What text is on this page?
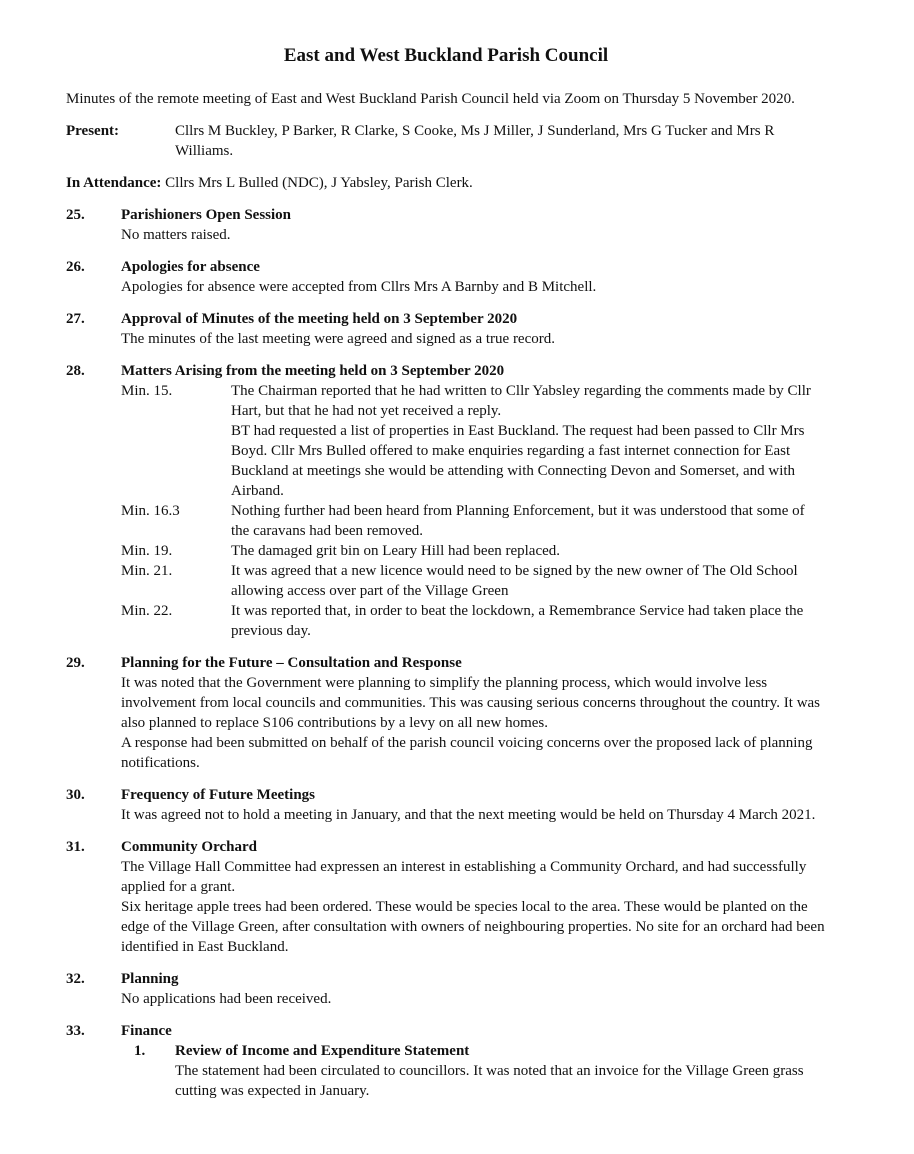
East and West Buckland Parish Council

Minutes of the remote meeting of East and West Buckland Parish Council held via Zoom on Thursday 5 November 2020.

Present:	Cllrs M Buckley, P Barker, R Clarke, S Cooke, Ms J Miller, J Sunderland, Mrs G Tucker and Mrs R Williams.

In Attendance: Cllrs Mrs L Bulled (NDC), J Yabsley, Parish Clerk.

25.	Parishioners Open Session

No matters raised.

26.	Apologies for absence

Apologies for absence were accepted from Cllrs Mrs A Barnby and B Mitchell.

27.	Approval of Minutes of the meeting held on 3 September 2020

The minutes of the last meeting were agreed and signed as a true record.

28.	Matters Arising from the meeting held on 3 September 2020
Min. 15.	The Chairman reported that he had written to Cllr Yabsley regarding the comments made by Cllr Hart, but that he had not yet received a reply.

BT had requested a list of properties in East Buckland. The request had been passed to Cllr Mrs Boyd. Cllr Mrs Bulled offered to make enquiries regarding a fast internet connection for East Buckland at meetings she would be attending with Connecting Devon and Somerset, and with Airband.

Min. 16.3	Nothing further had been heard from Planning Enforcement, but it was understood that some of the caravans had been removed.

Min. 19.	The damaged grit bin on Leary Hill had been replaced.

Min. 21.	It was agreed that a new licence would need to be signed by the new owner of The Old School allowing access over part of the Village Green

Min. 22.	It was reported that, in order to beat the lockdown, a Remembrance Service had taken place the previous day.

29.	Planning for the Future – Consultation and Response

It was noted that the Government were planning to simplify the planning process, which would involve less involvement from local councils and communities. This was causing serious concerns throughout the country. It was also planned to replace S106 contributions by a levy on all new homes.

A response had been submitted on behalf of the parish council voicing concerns over the proposed lack of planning notifications.

30.	Frequency of Future Meetings

It was agreed not to hold a meeting in January, and that the next meeting would be held on Thursday 4 March 2021.

31.	Community Orchard

The Village Hall Committee had expressen an interest in establishing a Community Orchard, and had successfully applied for a grant.

Six heritage apple trees had been ordered. These would be species local to the area. These would be planted on the edge of the Village Green, after consultation with owners of neighbouring properties. No site for an orchard had been identified in East Buckland.

32.	Planning

No applications had been received.

33.	Finance
1.	Review of Income and Expenditure Statement

The statement had been circulated to councillors. It was noted that an invoice for the Village Green grass cutting was expected in January.
